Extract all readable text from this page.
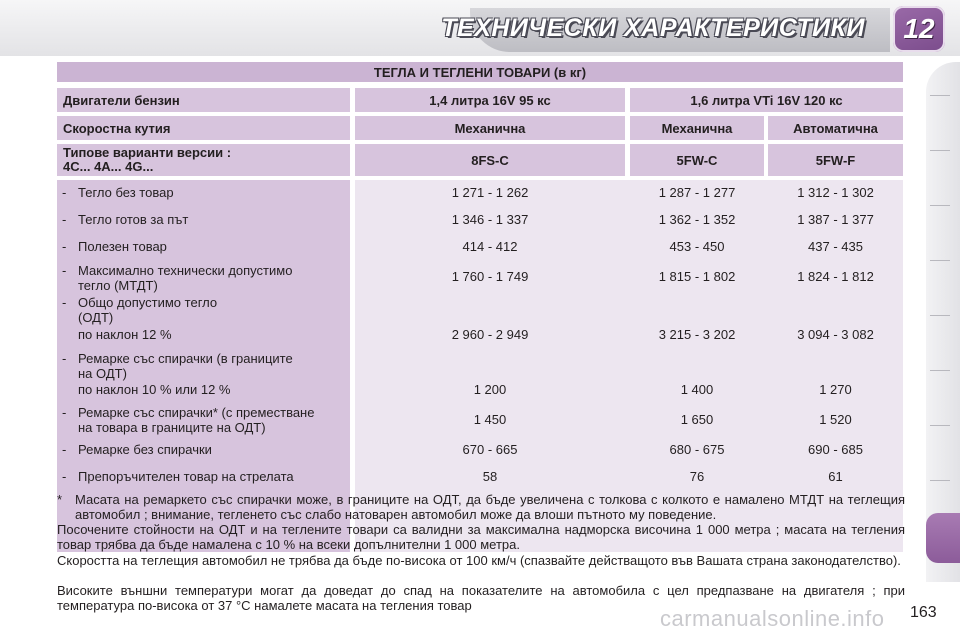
ТЕХНИЧЕСКИ ХАРАКТЕРИСТИКИ	12
ТЕГЛА И ТЕГЛЕНИ ТОВАРИ (в кг)
Двигатели бензин	1,4 литра 16V 95 кс	1,6 литра VTi 16V 120 кс
Скоростна кутия	Механична	Механична	Автоматична
Типове варианти версии :
4C... 4A... 4G...	8FS-C	5FW-C	5FW-F
- Тегло без товар	1 271 - 1 262	1 287 - 1 277	1 312 - 1 302
- Тегло готов за път	1 346 - 1 337	1 362 - 1 352	1 387 - 1 377
- Полезен товар	414 - 412	453 - 450	437 - 435
- Максимално технически допустимо
тегло (МТДТ)
1 760 - 1 749	1 815 - 1 802	1 824 - 1 812
- Общо допустимо тегло
(ОДТ)
по наклон 12 %	2 960 - 2 949	3 215 - 3 202	3 094 - 3 082
- Ремарке със спирачки (в границите
на ОДТ)
по наклон 10 % или 12 %	1 200	1 400	1 270
- Ремарке със спирачки* (с преместване
на товара в границите на ОДТ)
1 450	1 650	1 520
- Ремарке без спирачки	670 - 665	680 - 675	690 - 685
- Препоръчителен товар на стрелата	58	76	61
* Масата на ремаркето със спирачки може, в границите на ОДТ, да бъде увеличена с толкова с колкото е намалено МТДТ на теглещия автомобил ; внимание, тегленето със слабо натоварен автомобил може да влоши пътното му поведение.
Посочените стойности на ОДТ и на теглените товари са валидни за максимална надморска височина 1 000 метра ; масата на тегления товар трябва да бъде намалена с 10 % на всеки допълнителни 1 000 метра.
Скоростта на теглещия автомобил не трябва да бъде по-висока от 100 км/ч (спазвайте действащото във Вашата страна законодателство).
Високите външни температури могат да доведат до спад на показателите на автомобила с цел предпазване на двигателя ; при температура по-висока от 37 °C намалете масата на тегления товар
carmanualsonline.info 163
